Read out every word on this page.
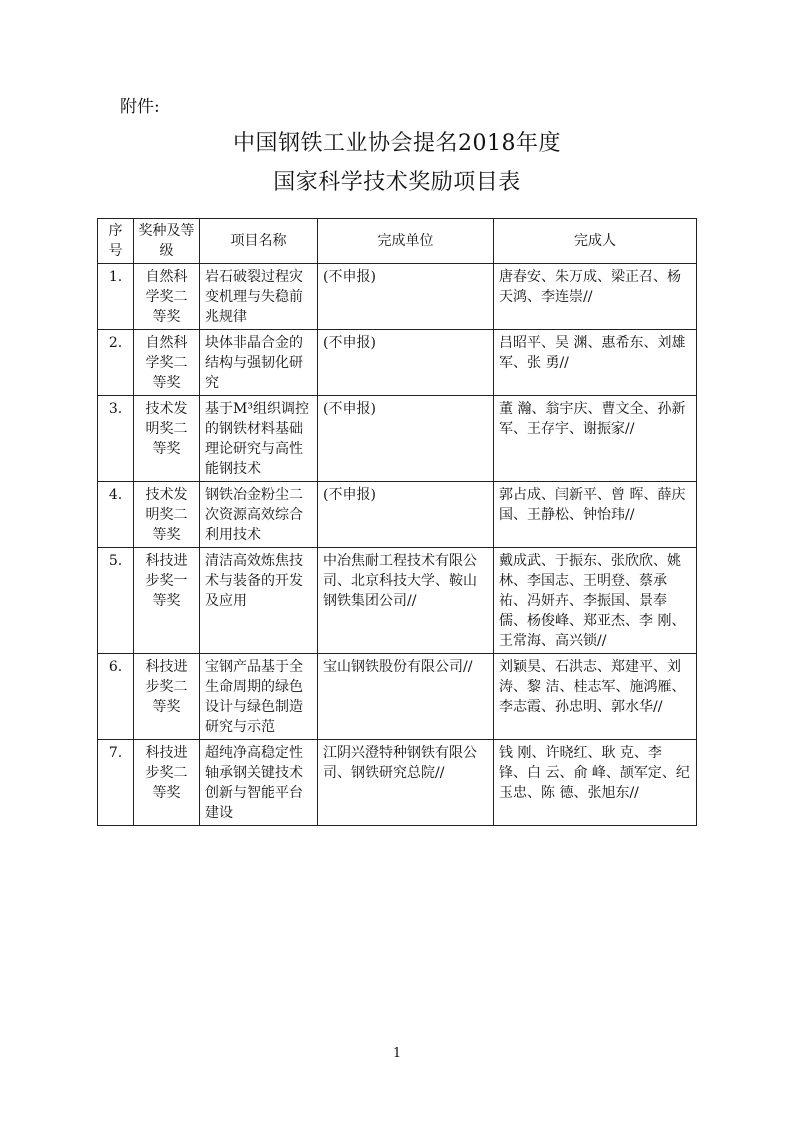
附件:
中国钢铁工业协会提名2018年度
国家科学技术奖励项目表
序号	奖种及等级	项目名称	完成单位	完成人
1.	自然科学奖二等奖	岩石破裂过程灾变机理与失稳前兆规律	(不申报)	唐春安、朱万成、梁正召、杨天鸿、李连崇//
2.	自然科学奖二等奖	块体非晶合金的结构与强韧化研究	(不申报)	吕昭平、吴 渊、惠希东、刘雄军、张 勇//
3.	技术发明奖二等奖	基于M³组织调控的钢铁材料基础理论研究与高性能钢技术	(不申报)	董 瀚、翁宇庆、曹文全、孙新军、王存宇、谢振家//
4.	技术发明奖二等奖	钢铁冶金粉尘二次资源高效综合利用技术	(不申报)	郭占成、闫新平、曾 晖、薛庆国、王静松、钟怡玮//
5.	科技进步奖一等奖	清洁高效炼焦技术与装备的开发及应用	中冶焦耐工程技术有限公司、北京科技大学、鞍山钢铁集团公司//	戴成武、于振东、张欣欣、姚 林、李国志、王明登、蔡承祐、冯妍卉、李振国、景奉儒、杨俊峰、郑亚杰、李 刚、王常海、高兴锁//
6.	科技进步奖二等奖	宝钢产品基于全生命周期的绿色设计与绿色制造研究与示范	宝山钢铁股份有限公司//	刘颖昊、石洪志、郑建平、刘 涛、黎 洁、桂志军、施鸿雁、李志霞、孙忠明、郭水华//
7.	科技进步奖二等奖	超纯净高稳定性轴承钢关键技术创新与智能平台建设	江阴兴澄特种钢铁有限公司、钢铁研究总院//	钱 刚、许晓红、耿 克、李 锋、白 云、俞 峰、颉军定、纪玉忠、陈 德、张旭东//
1
